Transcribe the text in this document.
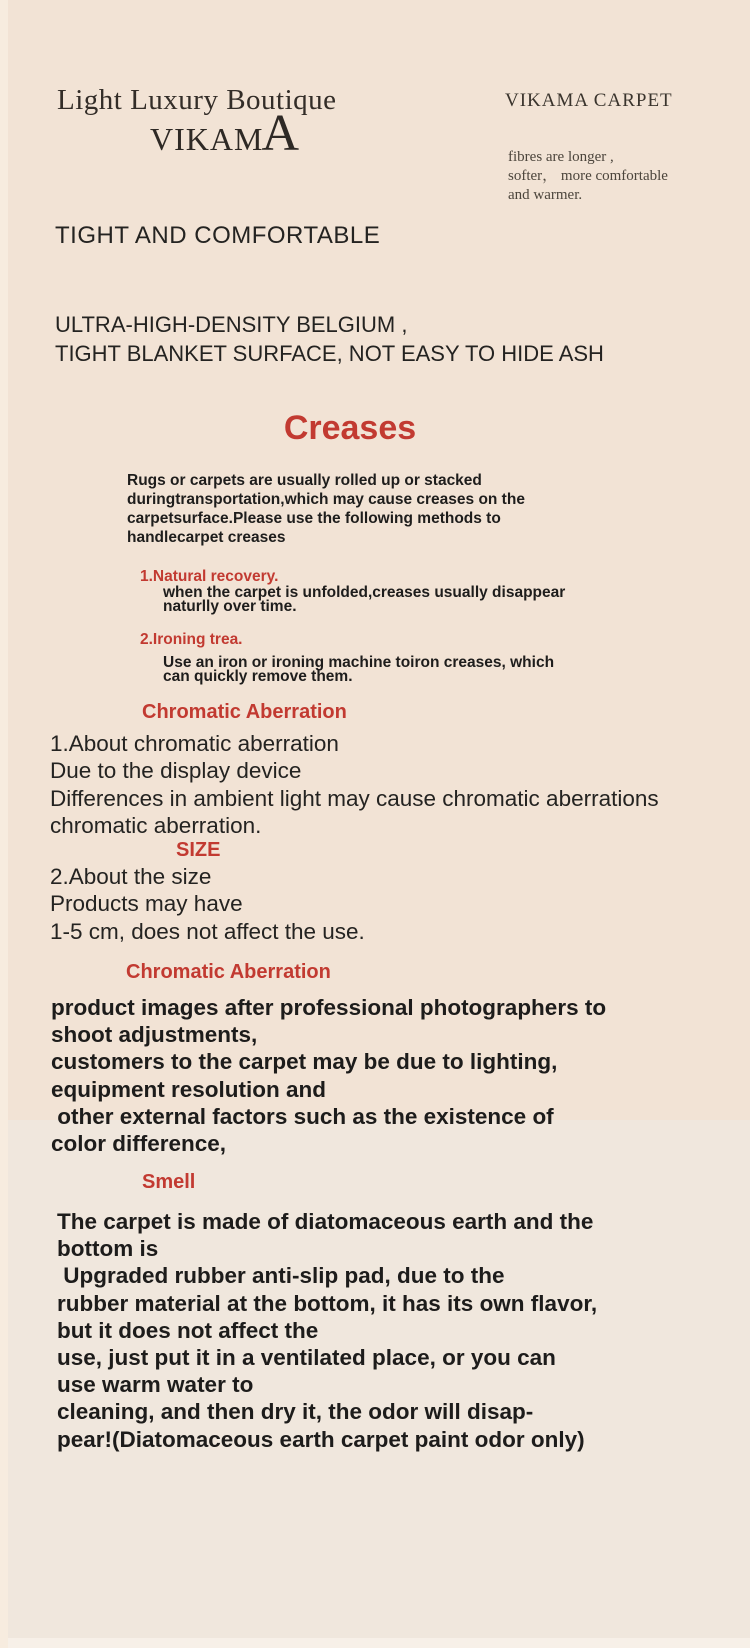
Light Luxury Boutique
VIKAM
A
VIKAMA CARPET
fibres are longer ,
softer， more comfortable
and warmer.
TIGHT AND COMFORTABLE
ULTRA-HIGH-DENSITY BELGIUM ,
TIGHT BLANKET SURFACE, NOT EASY TO HIDE ASH
Creases
Rugs or carpets are usually rolled up or stacked
duringtransportation,which may cause creases on the
carpetsurface.Please use the following methods to
handlecarpet creases
1.Natural recovery.
when the carpet is unfolded,creases usually disappear
naturlly over time.
2.Ironing trea.
Use an iron or ironing machine toiron creases, which
can quickly remove them.
Chromatic Aberration
1.About chromatic aberration
Due to the display device
Differences in ambient light may cause chromatic aberrations
chromatic aberration.
SIZE
2.About the size
Products may have
1-5 cm, does not affect the use.
Chromatic Aberration
product images after professional photographers to
shoot adjustments,
customers to the carpet may be due to lighting,
equipment resolution and
other external factors such as the existence of
color difference,
Smell
The carpet is made of diatomaceous earth and the
bottom is
Upgraded rubber anti-slip pad, due to the
rubber material at the bottom, it has its own flavor,
but it does not affect the
use, just put it in a ventilated place, or you can
use warm water to
cleaning, and then dry it, the odor will disap-
pear!(Diatomaceous earth carpet paint odor only)
